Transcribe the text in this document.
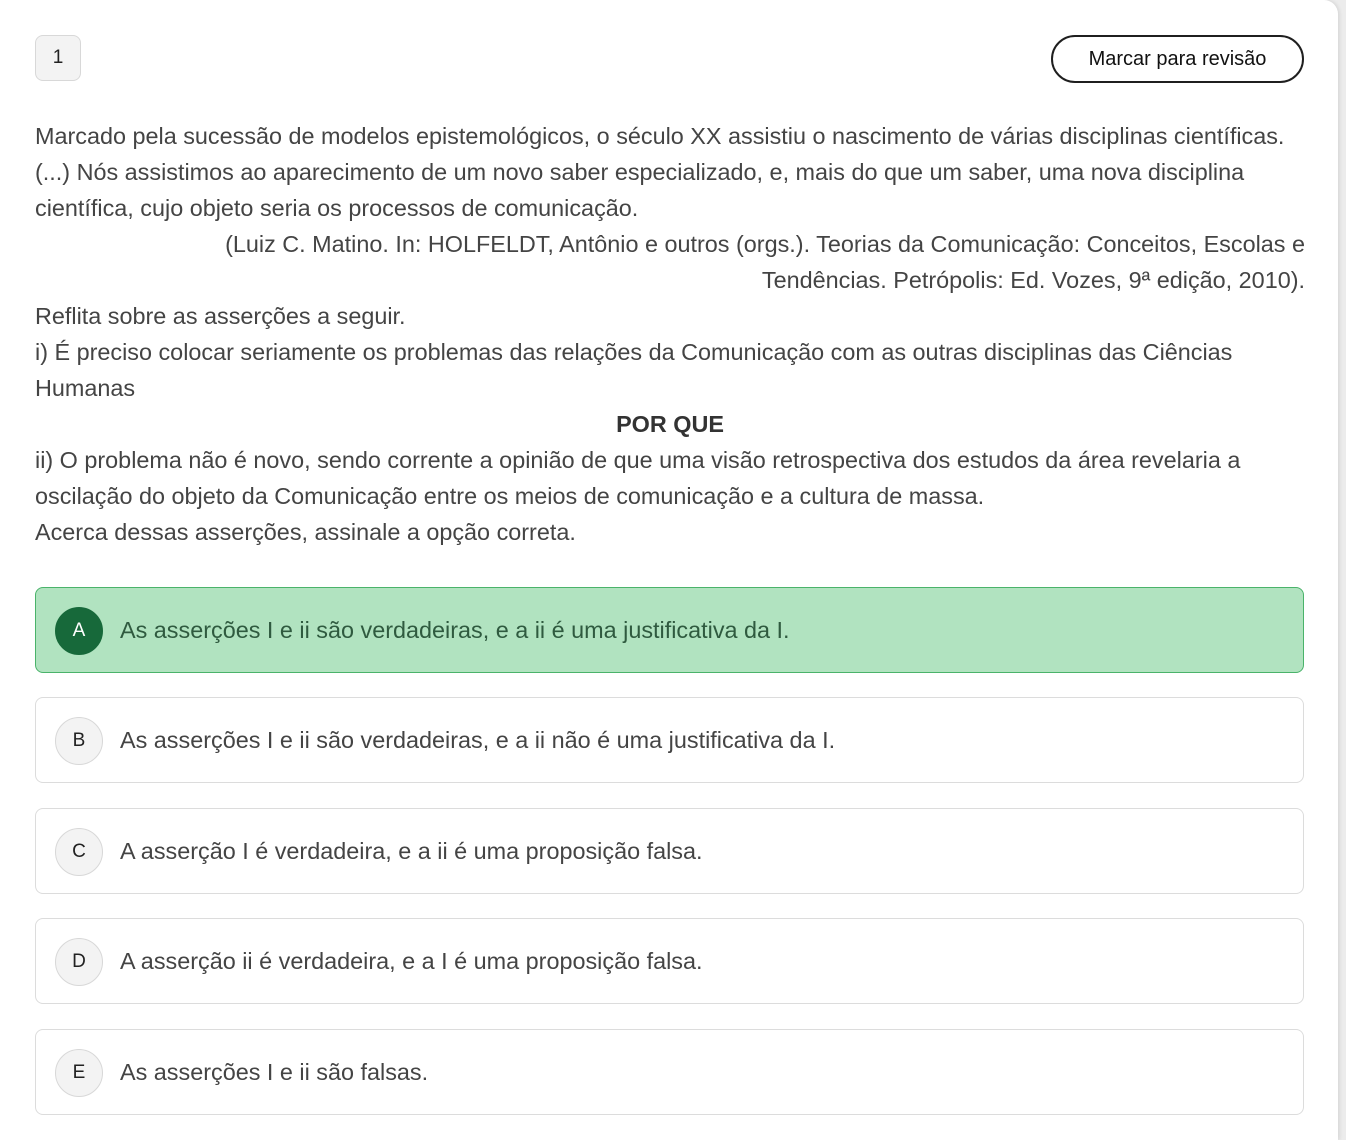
1	Marcar para revisão

Marcado pela sucessão de modelos epistemológicos, o século XX assistiu o nascimento de várias disciplinas científicas. (...) Nós assistimos ao aparecimento de um novo saber especializado, e, mais do que um saber, uma nova disciplina científica, cujo objeto seria os processos de comunicação.

(Luiz C. Matino. In: HOLFELDT, Antônio e outros (orgs.). Teorias da Comunicação: Conceitos, Escolas e Tendências. Petrópolis: Ed. Vozes, 9ª edição, 2010).

Reflita sobre as asserções a seguir.

i) É preciso colocar seriamente os problemas das relações da Comunicação com as outras disciplinas das Ciências Humanas

POR QUE

ii) O problema não é novo, sendo corrente a opinião de que uma visão retrospectiva dos estudos da área revelaria a oscilação do objeto da Comunicação entre os meios de comunicação e a cultura de massa.

Acerca dessas asserções, assinale a opção correta.

A	As asserções I e ii são verdadeiras, e a ii é uma justificativa da I.
B	As asserções I e ii são verdadeiras, e a ii não é uma justificativa da I.
C	A asserção I é verdadeira, e a ii é uma proposição falsa.
D	A asserção ii é verdadeira, e a I é uma proposição falsa.
E	As asserções I e ii são falsas.
